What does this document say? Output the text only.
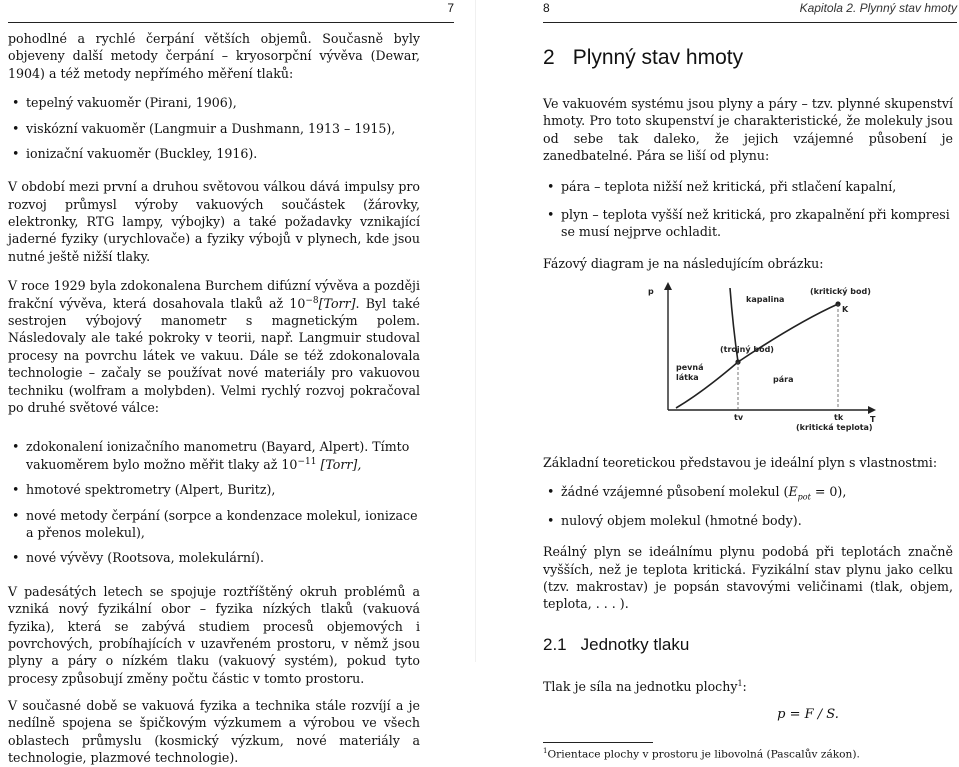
7

pohodlné a rychlé čerpání větších objemů. Současně byly objeveny další metody čerpání – kryosorpční vývěva (Dewar, 1904) a též metody nepřímého měření tlaků:

• tepelný vakuoměr (Pirani, 1906),
• viskózní vakuoměr (Langmuir a Dushmann, 1913 – 1915),
• ionizační vakuoměr (Buckley, 1916).

V období mezi první a druhou světovou válkou dává impulsy pro rozvoj průmysl výroby vakuových součástek (žárovky, elektronky, RTG lampy, výbojky) a také požadavky vznikající jaderné fyziky (urychlovače) a fyziky výbojů v plynech, kde jsou nutné ještě nižší tlaky.

V roce 1929 byla zdokonalena Burchem difúzní vývěva a později frakční vývěva, která dosahovala tlaků až $10^{-8}[Torr]$. Byl také sestrojen výbojový manometr s magnetickým polem. Následovaly ale také pokroky v teorii, např. Langmuir studoval procesy na povrchu látek ve vakuu. Dále se též zdokonalovala technologie – začaly se používat nové materiály pro vakuovou techniku (wolfram a molybden). Velmi rychlý rozvoj pokračoval po druhé světové válce:

• zdokonalení ionizačního manometru (Bayard, Alpert). Tímto vakuoměrem bylo možno měřit tlaky až $10^{-11}$ [Torr],
• hmotové spektrometry (Alpert, Buritz),
• nové metody čerpání (sorpce a kondenzace molekul, ionizace a přenos molekul),
• nové vývěvy (Rootsova, molekulární).

V padesátých letech se spojuje roztříštěný okruh problémů a vzniká nový fyzikální obor – fyzika nízkých tlaků (vakuová fyzika), která se zabývá studiem procesů objemových i povrchových, probíhajících v uzavřeném prostoru, v němž jsou plyny a páry o nízkém tlaku (vakuový systém), pokud tyto procesy způsobují změny počtu částic v tomto prostoru.

V současné době se vakuová fyzika a technika stále rozvíjí a je nedílně spojena se špičkovým výzkumem a výrobou ve všech oblastech průmyslu (kosmický výzkum, nové materiály a technologie, plazmové technologie).

8	Kapitola 2. Plynný stav hmoty
2 Plynný stav hmoty

Ve vakuovém systému jsou plyny a páry – tzv. plynné skupenství hmoty. Pro toto skupenství je charakteristické, že molekuly jsou od sebe tak daleko, že jejich vzájemné působení je zanedbatelné. Pára se liší od plynu:

• pára – teplota nižší než kritická, při stlačení kapalní,
• plyn – teplota vyšší než kritická, pro zkapalnění při kompresi se musí nejprve ochladit.

Fázový diagram je na následujícím obrázku:

p
T
kapalina
(kritický bod)
K
(trojný bod)
pevná
látka	pára
tv	tk
(kritická teplota)

Základní teoretickou představou je ideální plyn s vlastnostmi:

• žádné vzájemné působení molekul $(E_{pot} = 0)$,
• nulový objem molekul (hmotné body).

Reálný plyn se ideálnímu plynu podobá při teplotách značně vyšších, než je teplota kritická. Fyzikální stav plynu jako celku (tzv. makrostav) je popsán stavovými veličinami (tlak, objem, teplota, . . . ).

2.1 Jednotky tlaku

Tlak je síla na jednotku plochy$^1$:

p = F / S.
$^1$Orientace plochy v prostoru je libovolná (Pascalův zákon).
